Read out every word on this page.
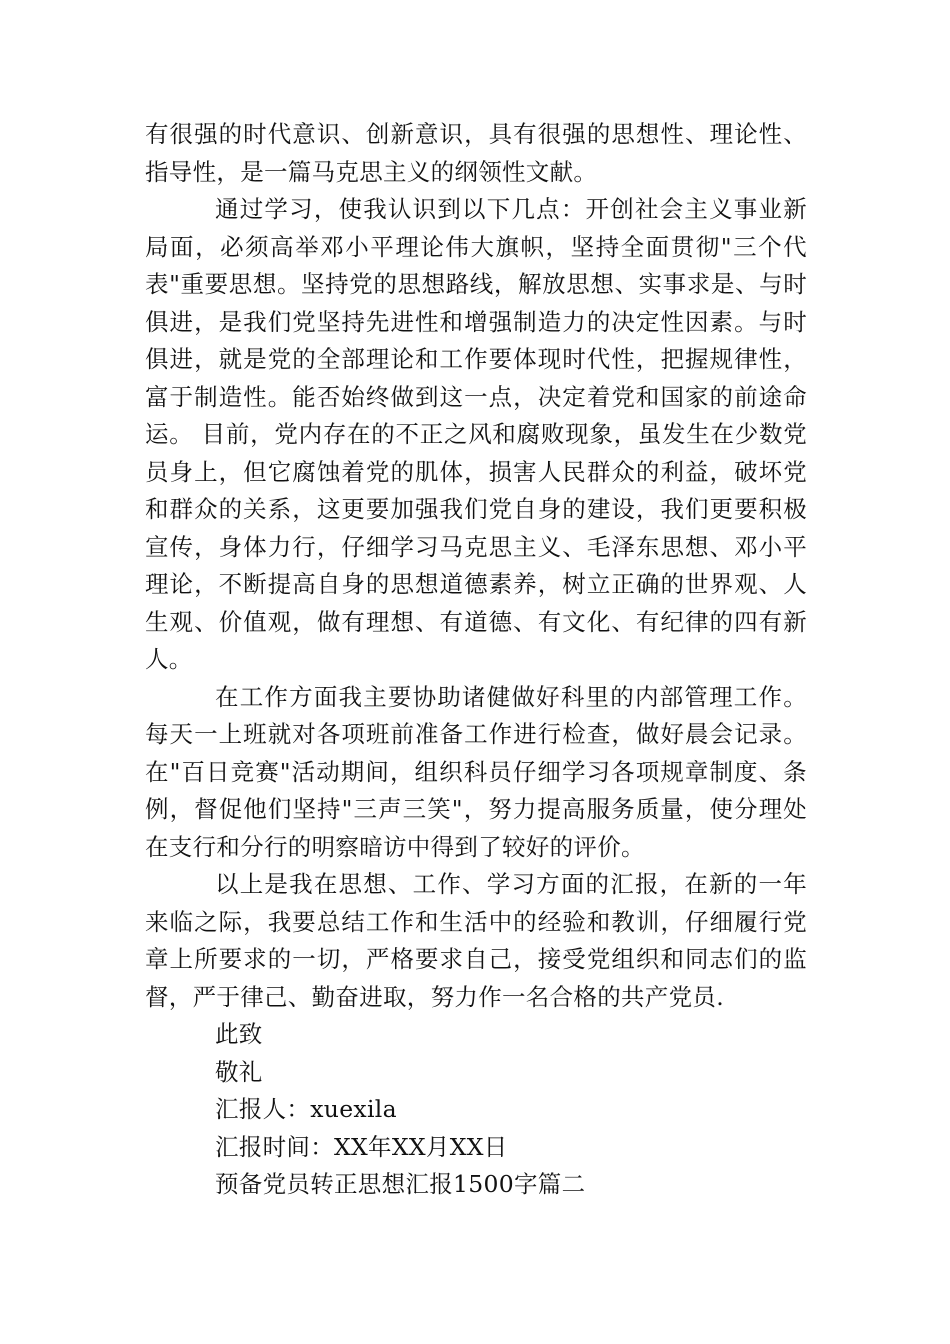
有很强的时代意识、创新意识，具有很强的思想性、理论性、指导性，是一篇马克思主义的纲领性文献。

通过学习，使我认识到以下几点：开创社会主义事业新局面，必须高举邓小平理论伟大旗帜，坚持全面贯彻"三个代表"重要思想。坚持党的思想路线，解放思想、实事求是、与时俱进，是我们党坚持先进性和增强制造力的决定性因素。与时俱进，就是党的全部理论和工作要体现时代性，把握规律性，富于制造性。能否始终做到这一点，决定着党和国家的前途命运。 目前，党内存在的不正之风和腐败现象，虽发生在少数党员身上，但它腐蚀着党的肌体，损害人民群众的利益，破坏党和群众的关系，这更要加强我们党自身的建设，我们更要积极宣传，身体力行，仔细学习马克思主义、毛泽东思想、邓小平理论，不断提高自身的思想道德素养，树立正确的世界观、人生观、价值观，做有理想、有道德、有文化、有纪律的四有新人。

在工作方面我主要协助诸健做好科里的内部管理工作。每天一上班就对各项班前准备工作进行检查，做好晨会记录。在"百日竞赛"活动期间，组织科员仔细学习各项规章制度、条例，督促他们坚持"三声三笑"，努力提高服务质量，使分理处在支行和分行的明察暗访中得到了较好的评价。

以上是我在思想、工作、学习方面的汇报，在新的一年来临之际，我要总结工作和生活中的经验和教训，仔细履行党章上所要求的一切，严格要求自己，接受党组织和同志们的监督，严于律己、勤奋进取，努力作一名合格的共产党员.

此致

敬礼

汇报人：xuexila

汇报时间：XX年XX月XX日

预备党员转正思想汇报1500字篇二
